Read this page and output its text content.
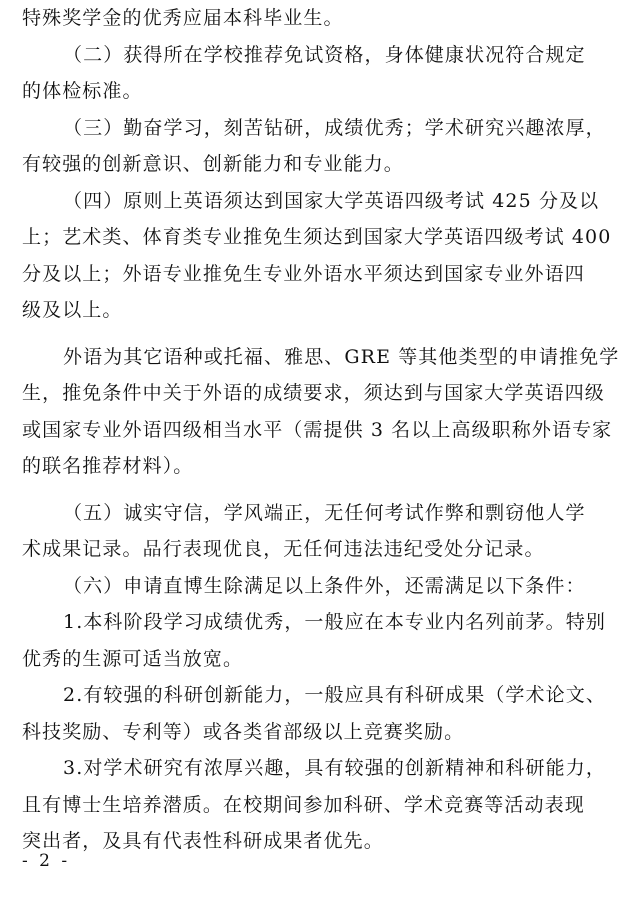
特殊奖学金的优秀应届本科毕业生。
（二）获得所在学校推荐免试资格，身体健康状况符合规定
的体检标准。
（三）勤奋学习，刻苦钻研，成绩优秀；学术研究兴趣浓厚，
有较强的创新意识、创新能力和专业能力。
（四）原则上英语须达到国家大学英语四级考试 425 分及以
上；艺术类、体育类专业推免生须达到国家大学英语四级考试 400
分及以上；外语专业推免生专业外语水平须达到国家专业外语四
级及以上。
外语为其它语种或托福、雅思、GRE 等其他类型的申请推免学
生，推免条件中关于外语的成绩要求，须达到与国家大学英语四级
或国家专业外语四级相当水平（需提供 3 名以上高级职称外语专家
的联名推荐材料）。
（五）诚实守信，学风端正，无任何考试作弊和剽窃他人学
术成果记录。品行表现优良，无任何违法违纪受处分记录。
（六）申请直博生除满足以上条件外，还需满足以下条件：
1.本科阶段学习成绩优秀，一般应在本专业内名列前茅。特别
优秀的生源可适当放宽。
2.有较强的科研创新能力，一般应具有科研成果（学术论文、
科技奖励、专利等）或各类省部级以上竞赛奖励。
3.对学术研究有浓厚兴趣，具有较强的创新精神和科研能力，
且有博士生培养潜质。在校期间参加科研、学术竞赛等活动表现
突出者，及具有代表性科研成果者优先。
- 2 -
